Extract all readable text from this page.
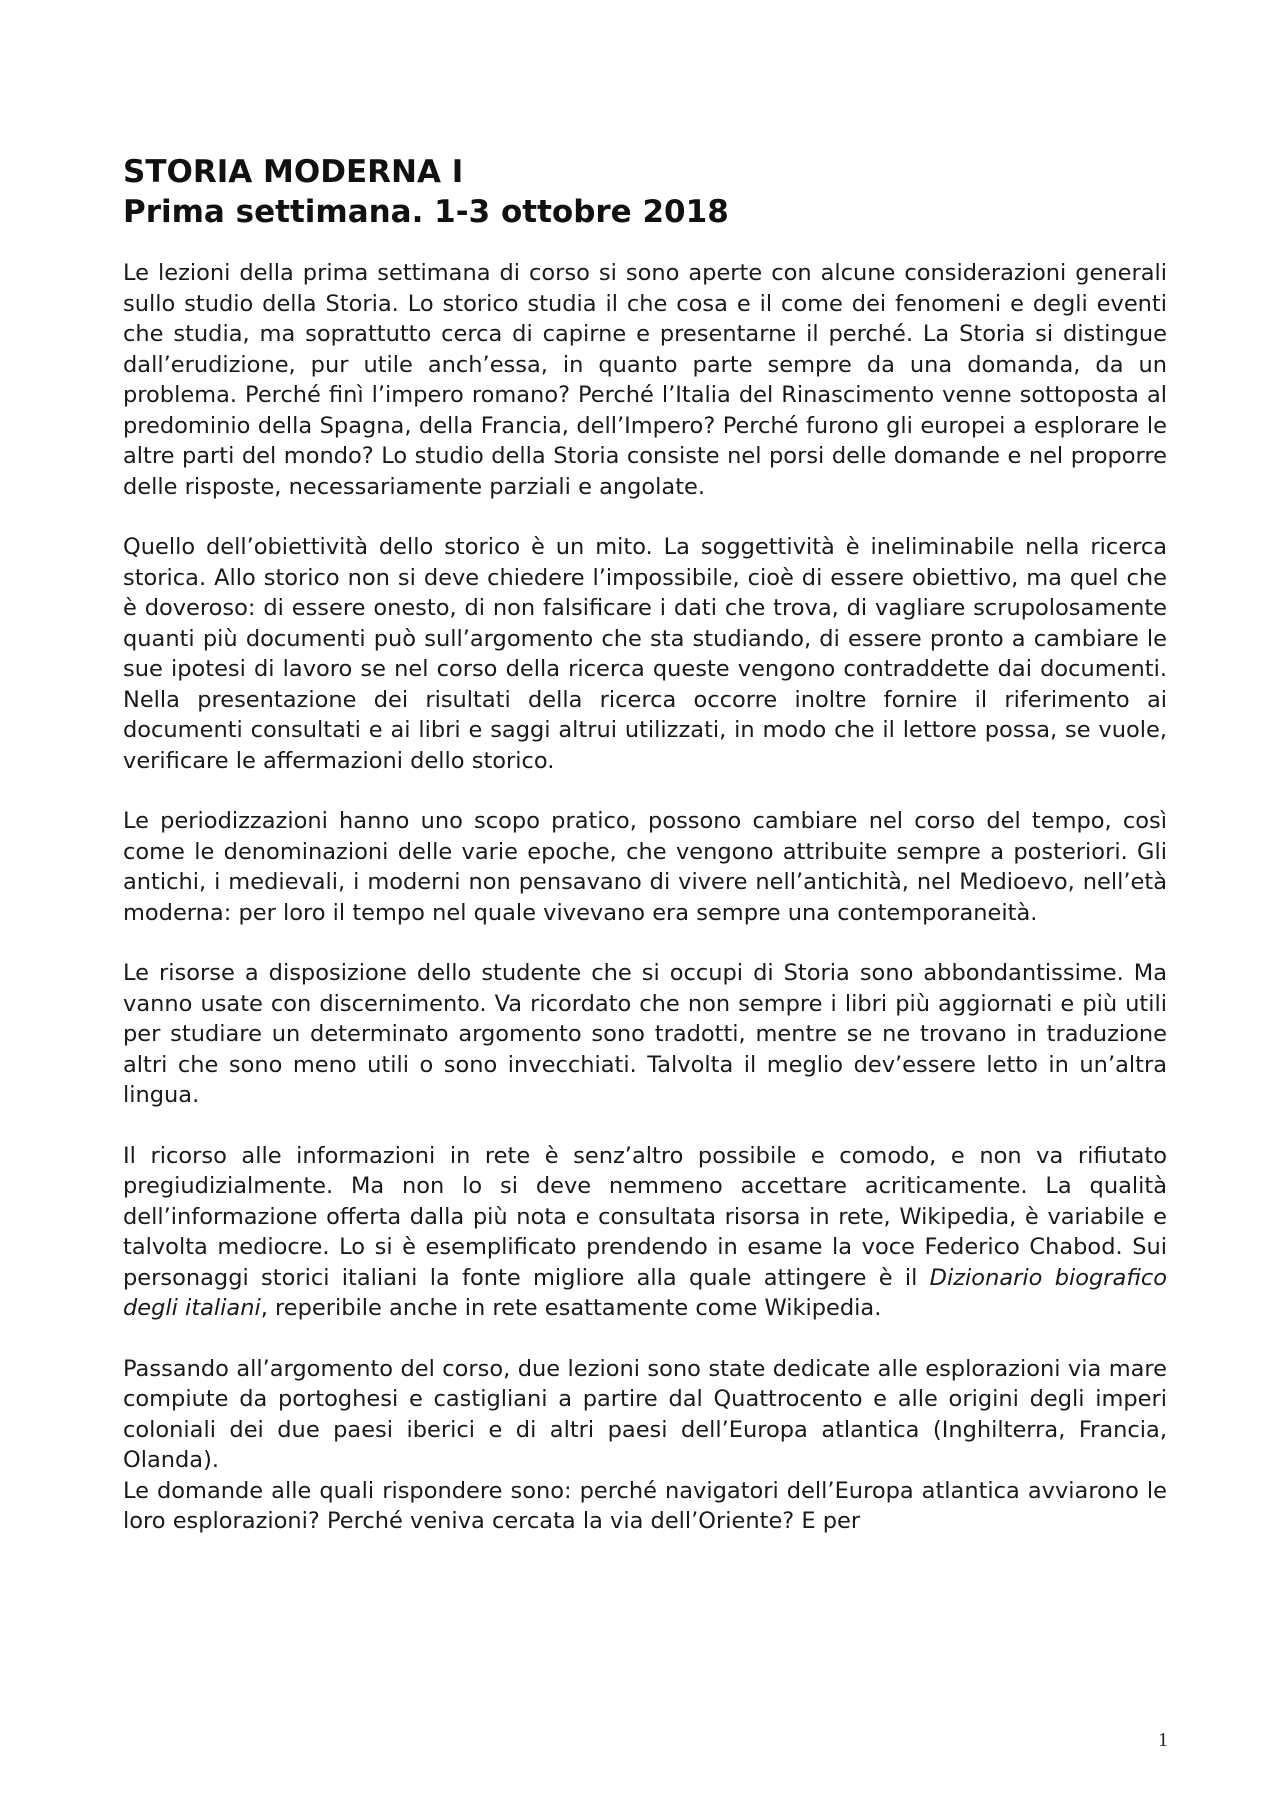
STORIA MODERNA I
Prima settimana. 1-3 ottobre 2018

Le lezioni della prima settimana di corso si sono aperte con alcune considerazioni generali sullo studio della Storia. Lo storico studia il che cosa e il come dei fenomeni e degli eventi che studia, ma soprattutto cerca di capirne e presentarne il perché. La Storia si distingue dall’erudizione, pur utile anch’essa, in quanto parte sempre da una domanda, da un problema. Perché finì l’impero romano? Perché l’Italia del Rinascimento venne sottoposta al predominio della Spagna, della Francia, dell’Impero? Perché furono gli europei a esplorare le altre parti del mondo? Lo studio della Storia consiste nel porsi delle domande e nel proporre delle risposte, necessariamente parziali e angolate.

Quello dell’obiettività dello storico è un mito. La soggettività è ineliminabile nella ricerca storica. Allo storico non si deve chiedere l’impossibile, cioè di essere obiettivo, ma quel che è doveroso: di essere onesto, di non falsificare i dati che trova, di vagliare scrupolosamente quanti più documenti può sull’argomento che sta studiando, di essere pronto a cambiare le sue ipotesi di lavoro se nel corso della ricerca queste vengono contraddette dai documenti. Nella presentazione dei risultati della ricerca occorre inoltre fornire il riferimento ai documenti consultati e ai libri e saggi altrui utilizzati, in modo che il lettore possa, se vuole, verificare le affermazioni dello storico.

Le periodizzazioni hanno uno scopo pratico, possono cambiare nel corso del tempo, così come le denominazioni delle varie epoche, che vengono attribuite sempre a posteriori. Gli antichi, i medievali, i moderni non pensavano di vivere nell’antichità, nel Medioevo, nell’età moderna: per loro il tempo nel quale vivevano era sempre una contemporaneità.

Le risorse a disposizione dello studente che si occupi di Storia sono abbondantissime. Ma vanno usate con discernimento. Va ricordato che non sempre i libri più aggiornati e più utili per studiare un determinato argomento sono tradotti, mentre se ne trovano in traduzione altri che sono meno utili o sono invecchiati. Talvolta il meglio dev’essere letto in un’altra lingua.

Il ricorso alle informazioni in rete è senz’altro possibile e comodo, e non va rifiutato pregiudizialmente. Ma non lo si deve nemmeno accettare acriticamente. La qualità dell’informazione offerta dalla più nota e consultata risorsa in rete, Wikipedia, è variabile e talvolta mediocre. Lo si è esemplificato prendendo in esame la voce Federico Chabod. Sui personaggi storici italiani la fonte migliore alla quale attingere è il Dizionario biografico degli italiani, reperibile anche in rete esattamente come Wikipedia.

Passando all’argomento del corso, due lezioni sono state dedicate alle esplorazioni via mare compiute da portoghesi e castigliani a partire dal Quattrocento e alle origini degli imperi coloniali dei due paesi iberici e di altri paesi dell’Europa atlantica (Inghilterra, Francia, Olanda).

Le domande alle quali rispondere sono: perché navigatori dell’Europa atlantica avviarono le loro esplorazioni? Perché veniva cercata la via dell’Oriente? E per

1
